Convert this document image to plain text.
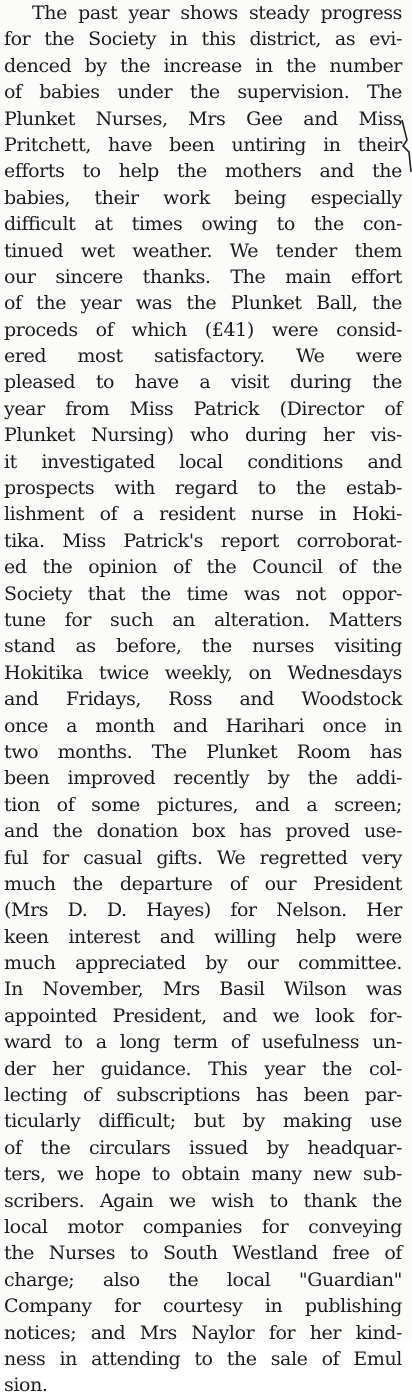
The past year shows steady progress
for the Society in this district, as evi-
denced by the increase in the number
of babies under the supervision. The
Plunket Nurses, Mrs Gee and Miss
Pritchett, have been untiring in their
efforts to help the mothers and the
babies, their work being especially
difficult at times owing to the con-
tinued wet weather. We tender them
our sincere thanks. The main effort
of the year was the Plunket Ball, the
proceds of which (£41) were consid-
ered most satisfactory. We were
pleased to have a visit during the
year from Miss Patrick (Director of
Plunket Nursing) who during her vis-
it investigated local conditions and
prospects with regard to the estab-
lishment of a resident nurse in Hoki-
tika. Miss Patrick's report corroborat-
ed the opinion of the Council of the
Society that the time was not oppor-
tune for such an alteration. Matters
stand as before, the nurses visiting
Hokitika twice weekly, on Wednesdays
and Fridays, Ross and Woodstock
once a month and Harihari once in
two months. The Plunket Room has
been improved recently by the addi-
tion of some pictures, and a screen;
and the donation box has proved use-
ful for casual gifts. We regretted very
much the departure of our President
(Mrs D. D. Hayes) for Nelson. Her
keen interest and willing help were
much appreciated by our committee.
In November, Mrs Basil Wilson was
appointed President, and we look for-
ward to a long term of usefulness un-
der her guidance. This year the col-
lecting of subscriptions has been par-
ticularly difficult; but by making use
of the circulars issued by headquar-
ters, we hope to obtain many new sub-
scribers. Again we wish to thank the
local motor companies for conveying
the Nurses to South Westland free of
charge; also the local "Guardian"
Company for courtesy in publishing
notices; and Mrs Naylor for her kind-
ness in attending to the sale of Emul
sion.
